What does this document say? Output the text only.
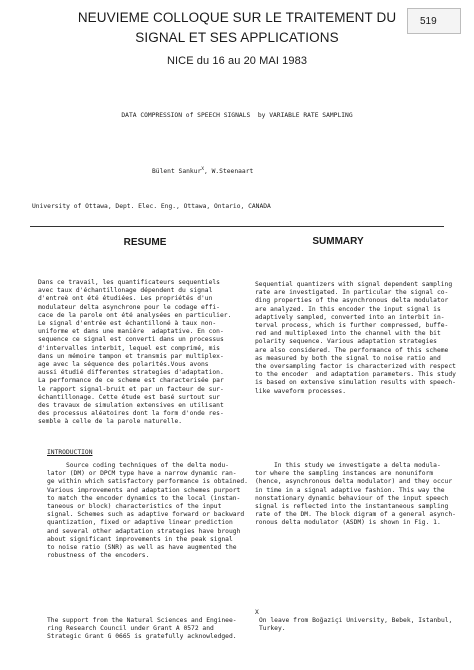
519
NEUVIEME COLLOQUE SUR LE TRAITEMENT DU
SIGNAL ET SES APPLICATIONS
NICE du 16 au 20 MAI 1983
DATA COMPRESSION of SPEECH SIGNALS  by VARIABLE RATE SAMPLING
Bülent Sankur$^X$, W.Steenaart
University of Ottawa, Dept. Elec. Eng., Ottawa, Ontario, CANADA
RESUME	SUMMARY
Dans ce travail, les quantificateurs sequentiels
avec taux d'échantillonage dépendent du signal
d'entreè ont été étudiées. Les propriétés d'un
modulateur delta asynchrone pour le codage effi-
cace de la parole ont été analysées en particulier.
Le signal d'entrée est échantilloné à taux non-
uniforme et dans une manière  adaptative. En con-
sequence ce signal est converti dans un processus
d'intervalles interbit, lequel est comprimé, mis
dans un mémoire tampon et transmis par multiplex-
age avec la séquence des polarités.Vous avons
aussi étudié differentes strategies d'adaptation.
La performance de ce scheme est characterisée par
le rapport signal-bruit et par un facteur de sur-
échantillonage. Cette étude est basé surtout sur
des travaux de simulation extensives en utilisant
des processus aléatoires dont la form d'onde res-
semble à celle de la parole naturelle.
Sequential quantizers with signal dependent sampling
rate are investigated. In particular the signal co-
ding properties of the asynchronous delta modulator
are analyzed. In this encoder the input signal is
adaptively sampled, converted into an interbit in-
terval process, which is further compressed, buffe-
red and multiplexed into the channel with the bit
polarity sequence. Various adaptation strategies
are also considered. The performance of this scheme
as measured by both the signal to noise ratio and
the oversampling factor is characterized with respect
to the encoder  and adaptation parameters. This study
is based on extensive simulation results with speech-
like waveform processes.
INTRODUCTION
Source coding techniques of the delta modu-
lator (DM) or DPCM type have a narrow dynamic ran-
ge within which satisfactory performance is obtained.
Various improvements and adaptation schemes purport
to match the encoder dynamics to the local (instan-
taneous or block) characteristics of the input
signal. Schemes such as adaptive forward or backward
quantization, fixed or adaptive linear prediction
and several other adaptation strategies have brough
about significant improvements in the peak signal
to noise ratio (SNR) as well as have augmented the
robustness of the encoders.
In this study we investigate a delta modula-
tor where the sampling instances are nonuniform
(hence, asynchronous delta modulator) and they occur
in time in a signal adaptive fashion. This way the
nonstationary dynamic behaviour of the input speech
signal is reflected into the instantaneous sampling
rate of the DM. The block digram of a general asynch-
ronous delta modulator (ASDM) is shown in Fig. 1.
The support from the Natural Sciences and Enginee-
ring Research Council under Grant A 0572 and
Strategic Grant G 0665 is gratefully acknowledged.
X
On leave from Boğaziçi University, Bebek, Istanbul,
Turkey.
